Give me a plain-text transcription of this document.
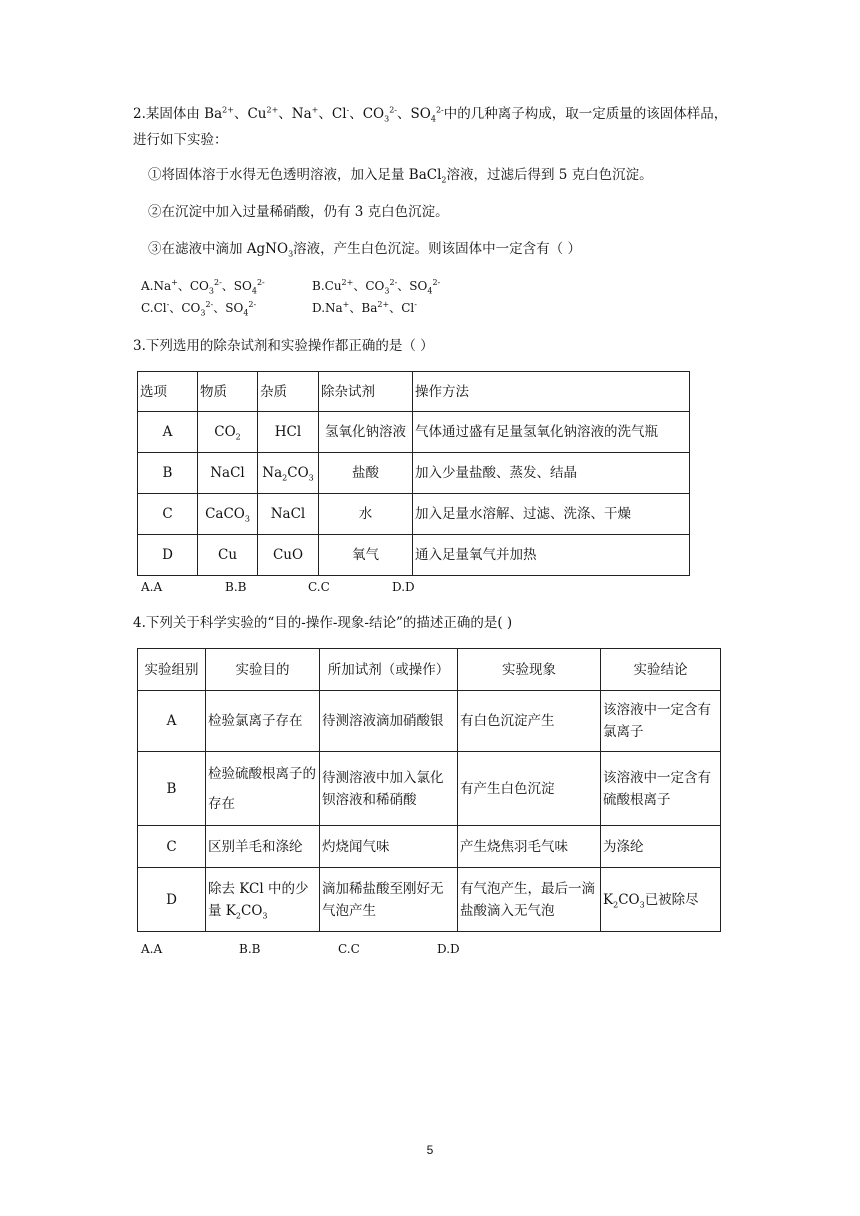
2.某固体由 $Ba^{2+}$、$Cu^{2+}$、Na+、Cl-、$CO_3^{2-}$、$SO_4^{2-}$中的几种离子构成，取一定质量的该固体样品，
进行如下实验：
①将固体溶于水得无色透明溶液，加入足量 BaCl$_2$溶液，过滤后得到 5 克白色沉淀。
②在沉淀中加入过量稀硝酸，仍有 3 克白色沉淀。
③在滤液中滴加 AgNO$_3$溶液，产生白色沉淀。则该固体中一定含有（ ）
A.Na+、$CO_3^{2-}$、$SO_4^{2-}$	$B.Cu^{2+}$、$CO_3^{2-}$、$SO_4^{2-}$
C.Cl-、$CO_3^{2-}$、$SO_4^{2-}$	D.Na+、$Ba^{2+}$、Cl-
3.下列选用的除杂试剂和实验操作都正确的是（ ）
选项	物质	杂质	除杂试剂	操作方法
A	$CO_2$	HCl	氢氧化钠溶液	气体通过盛有足量氢氧化钠溶液的洗气瓶
B	NaCl	$Na_2CO_3$	盐酸	加入少量盐酸、蒸发、结晶
C	CaCO$_3$	NaCl	水	加入足量水溶解、过滤、洗涤、干燥
D	Cu	CuO	氧气	通入足量氧气并加热
A.A	B.B	C.C	D.D
4.下列关于科学实验的“目的-操作-现象-结论”的描述正确的是( )
实验组别	实验目的	所加试剂（或操作）	实验现象	实验结论
A	检验氯离子存在	待测溶液滴加硝酸银	有白色沉淀产生	该溶液中一定含有氯离子
B	检验硫酸根离子的存在	待测溶液中加入氯化钡溶液和稀硝酸	有产生白色沉淀	该溶液中一定含有硫酸根离子
C	区别羊毛和涤纶	灼烧闻气味	产生烧焦羽毛气味	为涤纶
D	除去 KCl 中的少量 $K_2CO_3$	滴加稀盐酸至刚好无气泡产生	有气泡产生，最后一滴盐酸滴入无气泡	$K_2CO_3$已被除尽
A.A	B.B	C.C	D.D
5
